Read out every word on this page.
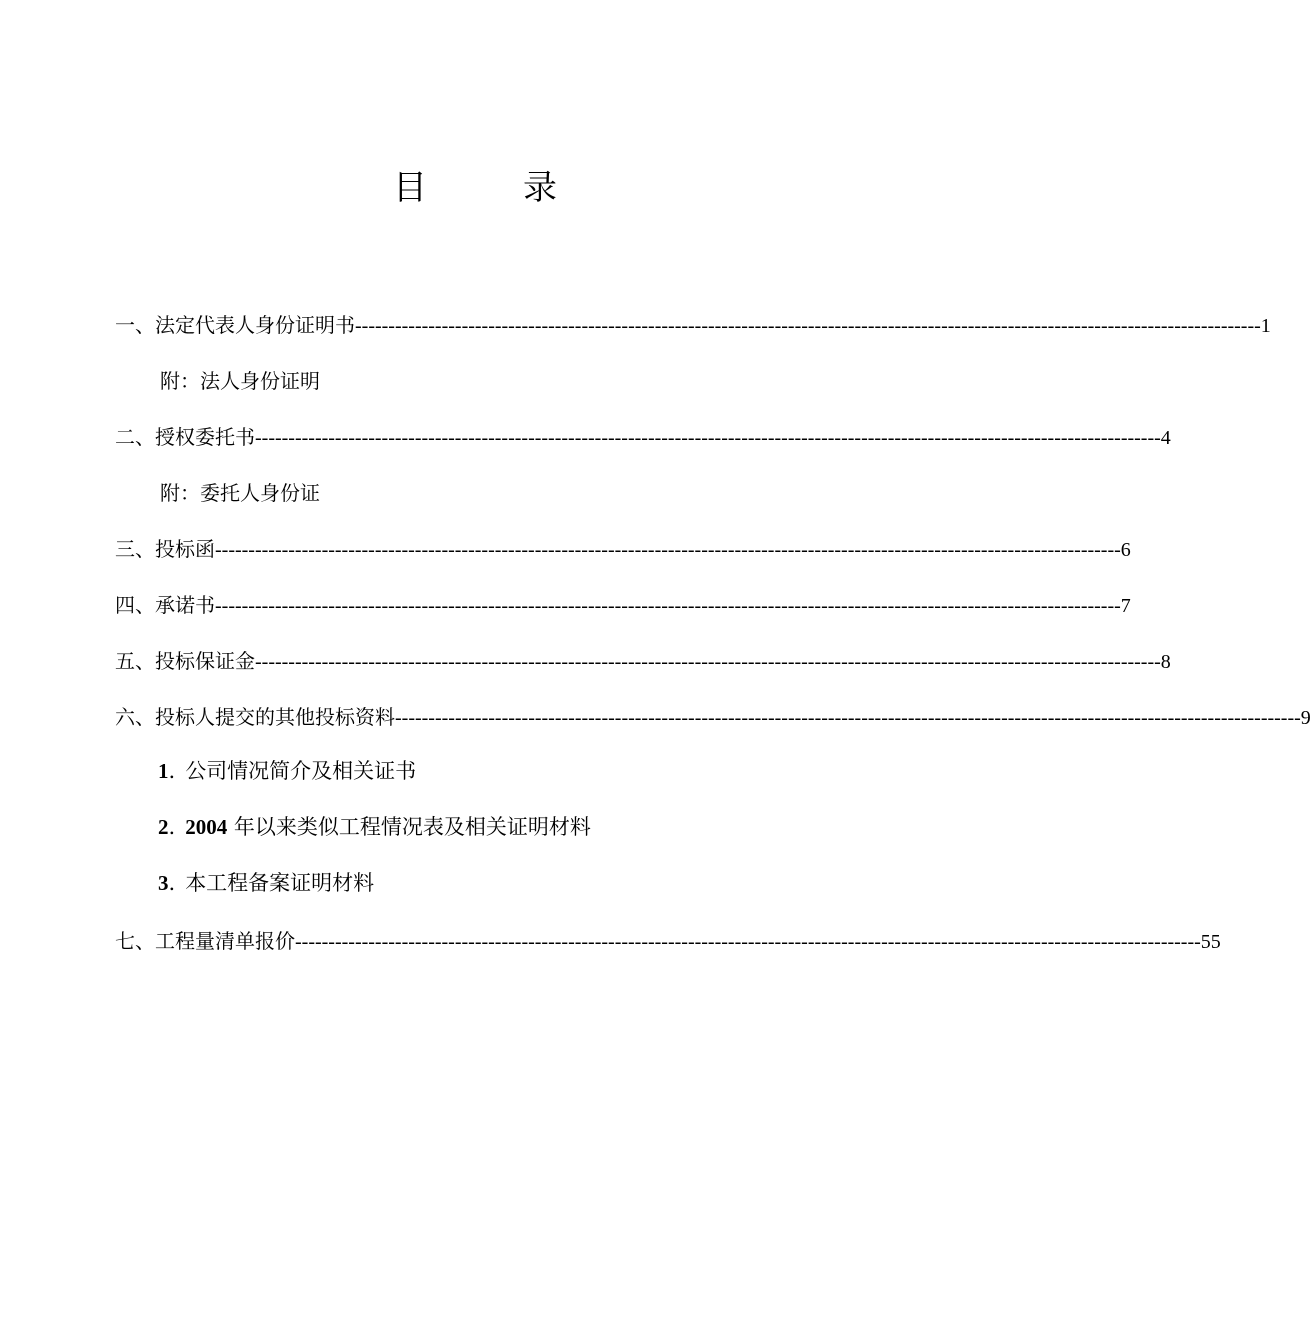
目	录
一、法定代表人身份证明书 ---------------------------------------------------------------------------------------------------------------------------------------- 1
附：法人身份证明
二、授权委托书 ---------------------------------------------------------------------------------------------------------------------------------------- 4
附：委托人身份证
三、投标函 ---------------------------------------------------------------------------------------------------------------------------------------- 6
四、承诺书 ---------------------------------------------------------------------------------------------------------------------------------------- 7
五、投标保证金 ---------------------------------------------------------------------------------------------------------------------------------------- 8
六、投标人提交的其他投标资料 ---------------------------------------------------------------------------------------------------------------------------------------- 9
1. 公司情况简介及相关证书
2. 2004 年以来类似工程情况表及相关证明材料
3. 本工程备案证明材料
七、工程量清单报价 ---------------------------------------------------------------------------------------------------------------------------------------- 55
